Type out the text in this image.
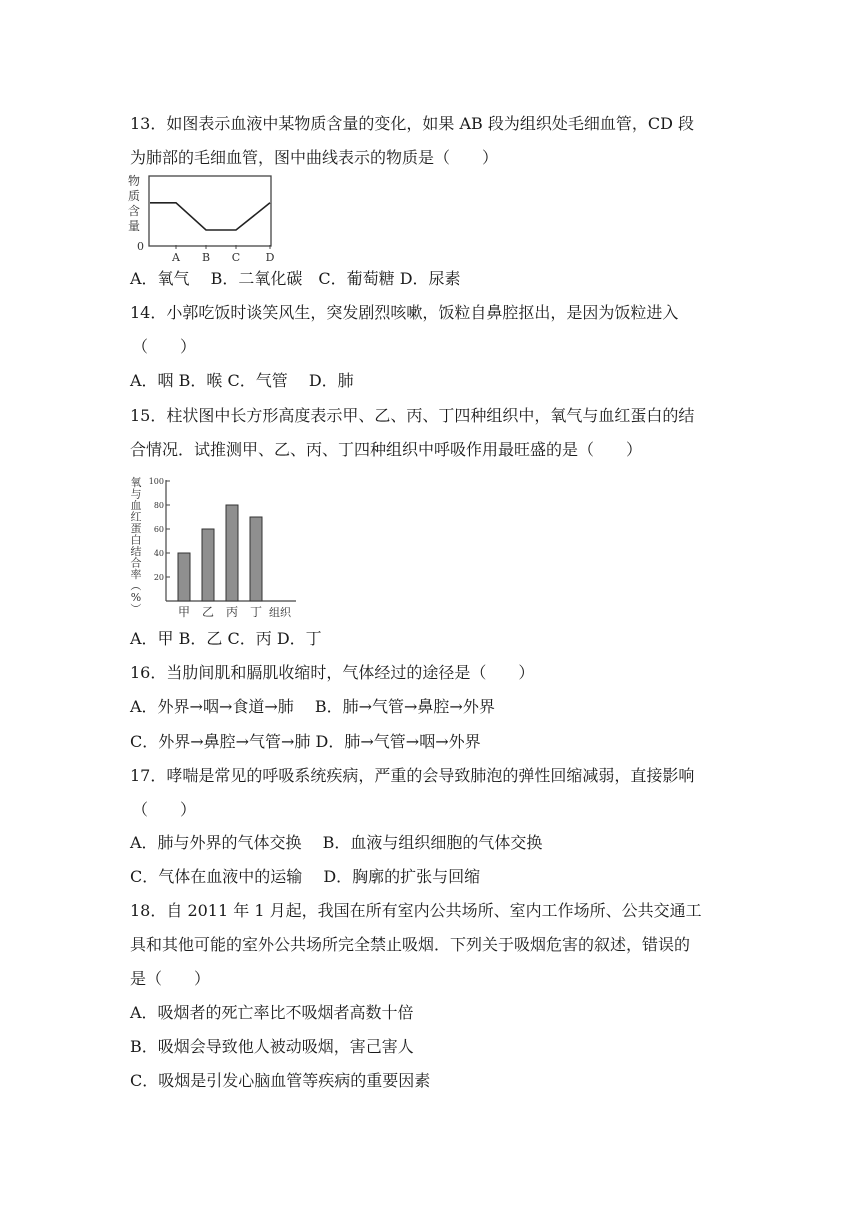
13．如图表示血液中某物质含量的变化，如果 AB 段为组织处毛细血管，CD 段
为肺部的毛细血管，图中曲线表示的物质是（　　）
物
质
含
量
0
A B C D
A．氧气　 B．二氧化碳　C．葡萄糖 D．尿素
14．小郭吃饭时谈笑风生，突发剧烈咳嗽，饭粒自鼻腔抠出，是因为饭粒进入
（　　）
A．咽 B．喉 C．气管　 D．肺
15．柱状图中长方形高度表示甲、乙、丙、丁四种组织中，氧气与血红蛋白的结
合情况．试推测甲、乙、丙、丁四种组织中呼吸作用最旺盛的是（　　）
氧
与
血
红
蛋
白
结
合
率
（
%
）
20
40
60
80
100
甲 乙 丙 丁 组织
A．甲 B．乙 C．丙 D．丁
16．当肋间肌和膈肌收缩时，气体经过的途径是（　　）
A．外界→咽→食道→肺　 B．肺→气管→鼻腔→外界
C．外界→鼻腔→气管→肺 D．肺→气管→咽→外界
17．哮喘是常见的呼吸系统疾病，严重的会导致肺泡的弹性回缩减弱，直接影响
（　　）
A．肺与外界的气体交换　 B．血液与组织细胞的气体交换
C．气体在血液中的运输　 D．胸廓的扩张与回缩
18．自 2011 年 1 月起，我国在所有室内公共场所、室内工作场所、公共交通工
具和其他可能的室外公共场所完全禁止吸烟．下列关于吸烟危害的叙述，错误的
是（　　）
A．吸烟者的死亡率比不吸烟者高数十倍
B．吸烟会导致他人被动吸烟，害己害人
C．吸烟是引发心脑血管等疾病的重要因素
